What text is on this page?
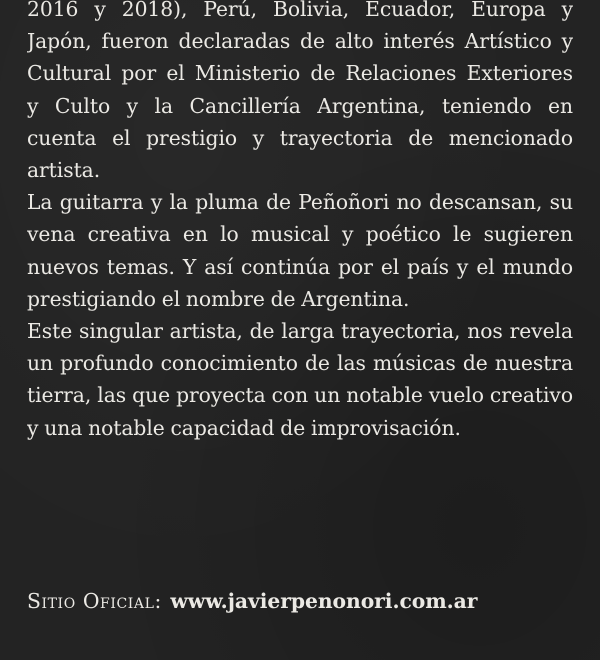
2016 y 2018), Perú, Bolivia, Ecuador, Europa y
Japón, fueron declaradas de alto interés Artístico y
Cultural por el Ministerio de Relaciones Exteriores
y Culto y la Cancillería Argentina, teniendo en
cuenta el prestigio y trayectoria de mencionado
artista.

La guitarra y la pluma de Peñoñori no descansan, su
vena creativa en lo musical y poético le sugieren
nuevos temas. Y así continúa por el país y el mundo
prestigiando el nombre de Argentina.

Este singular artista, de larga trayectoria, nos revela
un profundo conocimiento de las músicas de nuestra
tierra, las que proyecta con un notable vuelo creativo
y una notable capacidad de improvisación.

Sitio Oficial: www.javierpenonori.com.ar
